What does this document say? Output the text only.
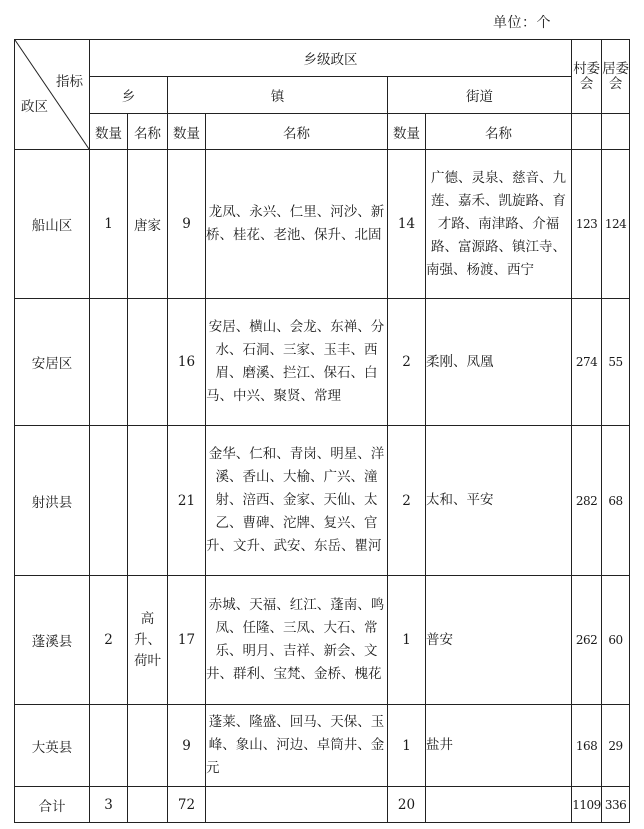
单位：个
指标
政区	乡级政区						村委会	居委会
	乡		镇		街道			
	数量	名称	数量	名称	数量	名称		
船山区	1	唐家	9	龙凤、永兴、仁里、河沙、新桥、桂花、老池、保升、北固	14	广德、灵泉、慈音、九莲、嘉禾、凯旋路、育才路、南津路、介福路、富源路、镇江寺、南强、杨渡、西宁	123	124
安居区			16	安居、横山、会龙、东禅、分水、石洞、三家、玉丰、西眉、磨溪、拦江、保石、白马、中兴、聚贤、常理	2	柔刚、凤凰	274	55
射洪县			21	金华、仁和、青岗、明星、洋溪、香山、大榆、广兴、潼射、涪西、金家、天仙、太乙、曹碑、沱牌、复兴、官升、文升、武安、东岳、瞿河	2	太和、平安	282	68
蓬溪县	2	高升、荷叶	17	赤城、天福、红江、蓬南、鸣凤、任隆、三凤、大石、常乐、明月、吉祥、新会、文井、群利、宝梵、金桥、槐花	1	普安	262	60
大英县			9	蓬莱、隆盛、回马、天保、玉峰、象山、河边、卓筒井、金元	1	盐井	168	29
合计	3		72		20		1109	336
